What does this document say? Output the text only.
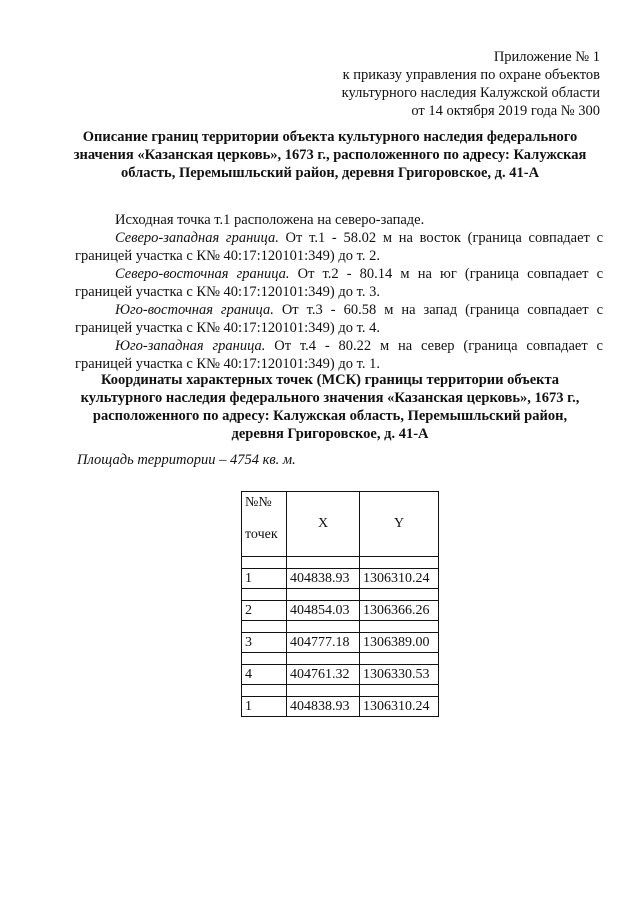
Приложение № 1
к приказу управления по охране объектов
культурного наследия Калужской области
от 14 октября 2019 года № 300
Описание границ территории объекта культурного наследия федерального значения «Казанская церковь», 1673 г., расположенного по адресу: Калужская область, Перемышльский район, деревня Григоровское, д. 41-А

Исходная точка т.1 расположена на северо-западе.

Северо-западная граница. От т.1 - 58.02 м на восток (граница совпадает с границей участка с К№ 40:17:120101:349) до т. 2.

Северо-восточная граница. От т.2 - 80.14 м на юг (граница совпадает с границей участка с К№ 40:17:120101:349) до т. 3.

Юго-восточная граница. От т.3 - 60.58 м на запад (граница совпадает с границей участка с К№ 40:17:120101:349) до т. 4.

Юго-западная граница. От т.4 - 80.22 м на север (граница совпадает с границей участка с К№ 40:17:120101:349) до т. 1.

Координаты характерных точек (МСК) границы территории объекта культурного наследия федерального значения «Казанская церковь», 1673 г., расположенного по адресу: Калужская область, Перемышльский район, деревня Григоровское, д. 41-А
Площадь территории – 4754 кв. м.
№№
точек	X	Y

1	404838.93	1306310.24

2	404854.03	1306366.26

3	404777.18	1306389.00

4	404761.32	1306330.53

1	404838.93	1306310.24
